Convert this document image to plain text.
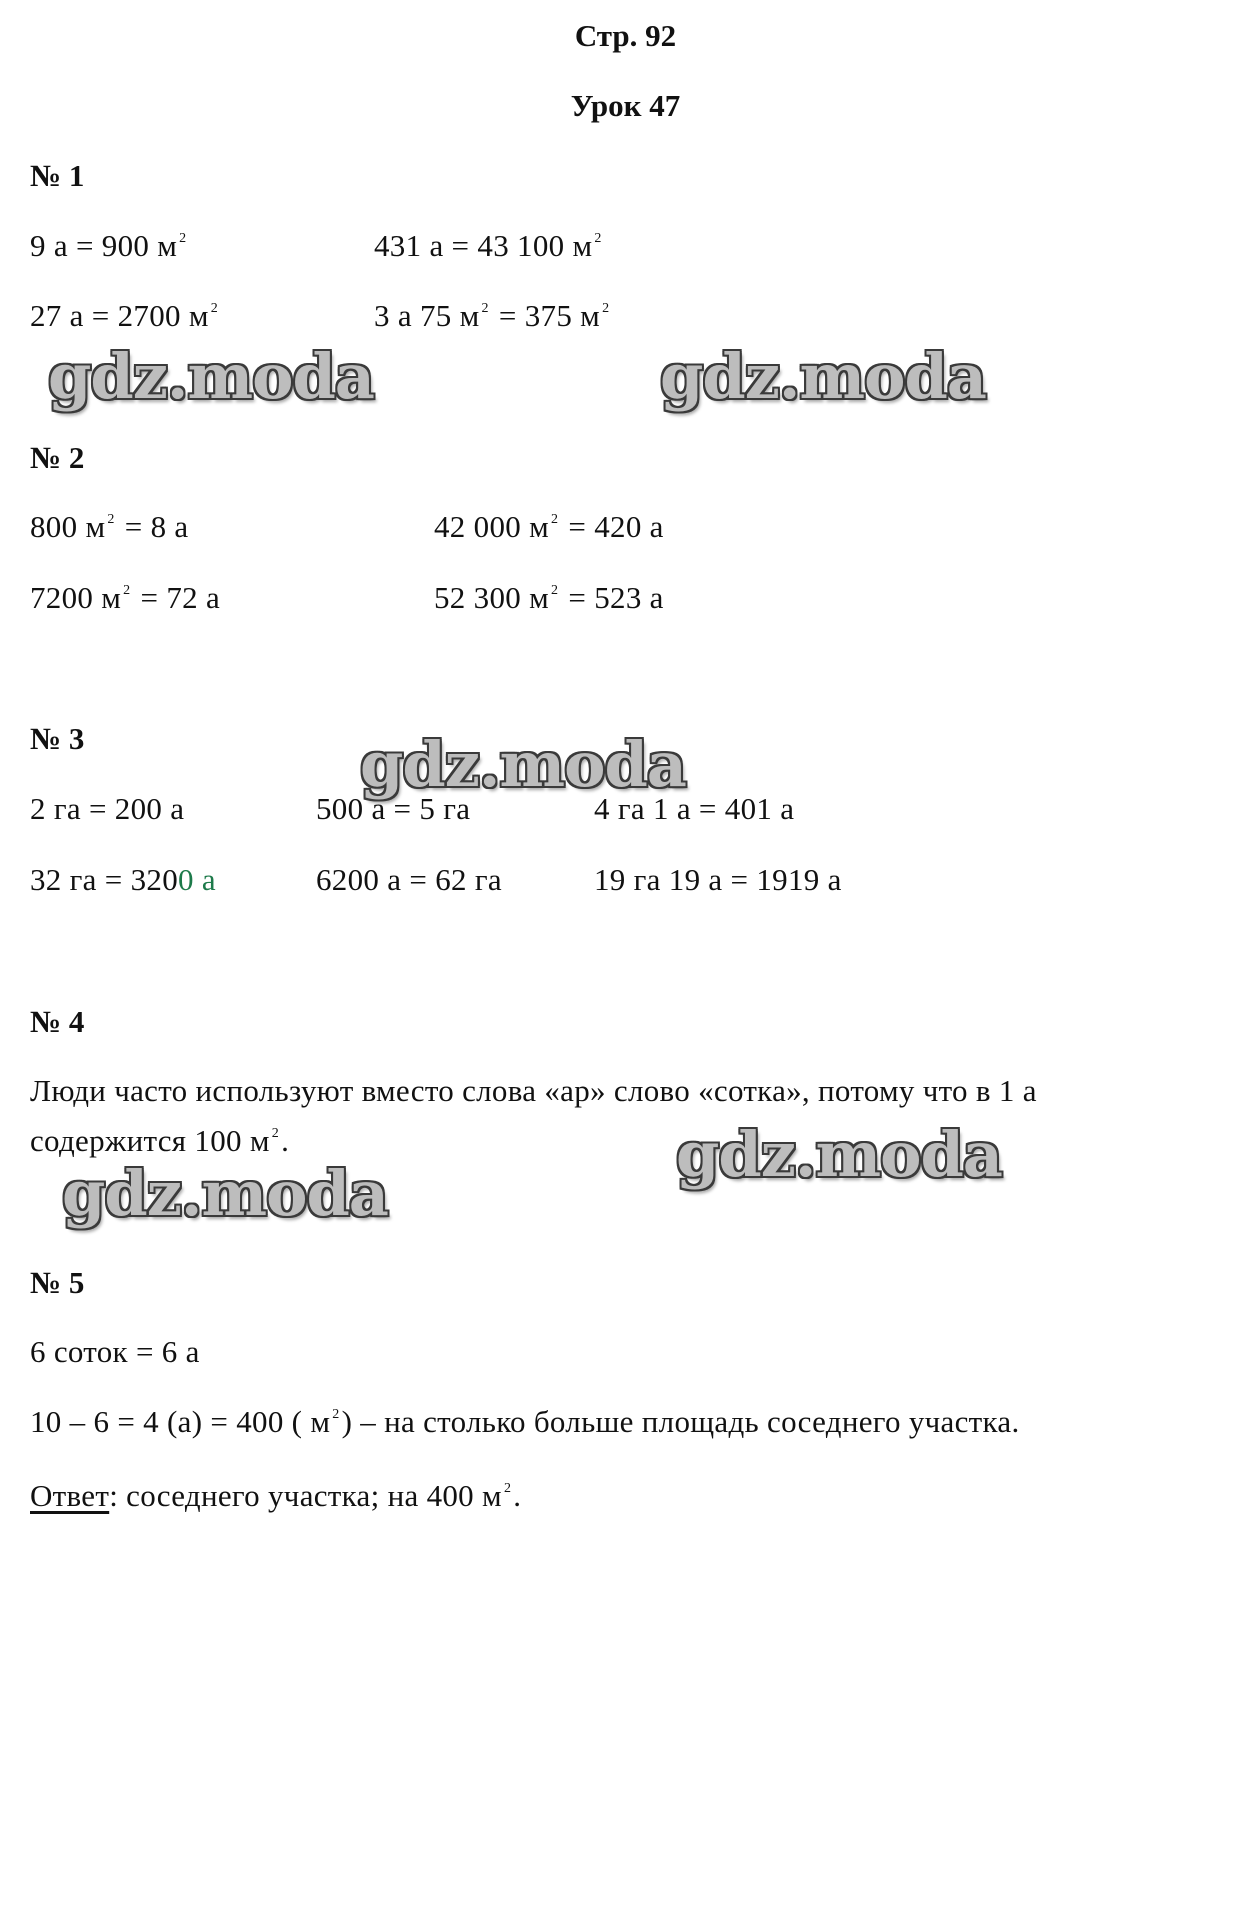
Стр. 92
Урок 47
№ 1
9 а = 900 м $^2$	431 а = 43 100 м $^2$
27 а = 2700 м $^2$	3 а 75 м $^2$ = 375 м $^2$
gdz.moda	gdz.moda
№ 2
800 м $^2$ = 8 а	42 000 м $^2$ = 420 а
7200 м $^2$ = 72 а	52 300 м $^2$ = 523 а
№ 3
2 га = 200 а	500 а = 5 га	4 га 1 а = 401 а
32 га = 3200 а	6200 а = 62 га	19 га 19 а = 1919 а
gdz.moda
№ 4
Люди часто используют вместо слова «ар» слово «сотка», потому что в 1 а
содержится 100 м $^2$.	gdz.moda
gdz.moda
№ 5
6 соток = 6 а
10 – 6 = 4 (а) = 400 ( м $^2$) – на столько больше площадь соседнего участка.
Ответ: соседнего участка; на 400 м $^2$.
